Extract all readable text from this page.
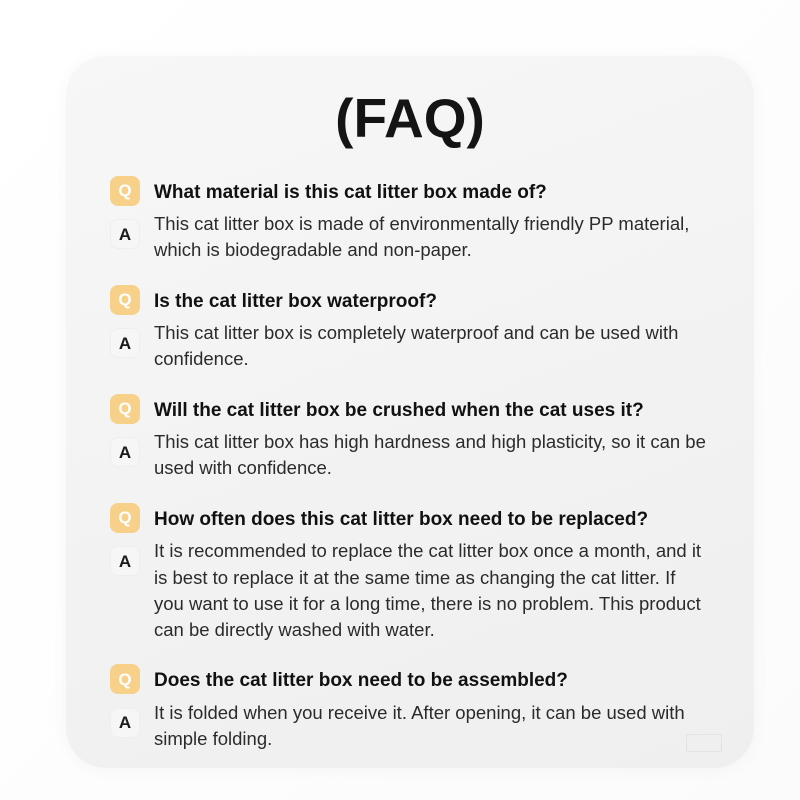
(FAQ)
Q	What material is this cat litter box made of?
A	This cat litter box is made of environmentally friendly PP material, which is biodegradable and non-paper.
Q	Is the cat litter box waterproof?
A	This cat litter box is completely waterproof and can be used with confidence.
Q	Will the cat litter box be crushed when the cat uses it?
A	This cat litter box has high hardness and high plasticity, so it can be used with confidence.
Q	How often does this cat litter box need to be replaced?
A	It is recommended to replace the cat litter box once a month, and it is best to replace it at the same time as changing the cat litter. If you want to use it for a long time, there is no problem. This product can be directly washed with water.
Q	Does the cat litter box need to be assembled?
A	It is folded when you receive it. After opening, it can be used with simple folding.
